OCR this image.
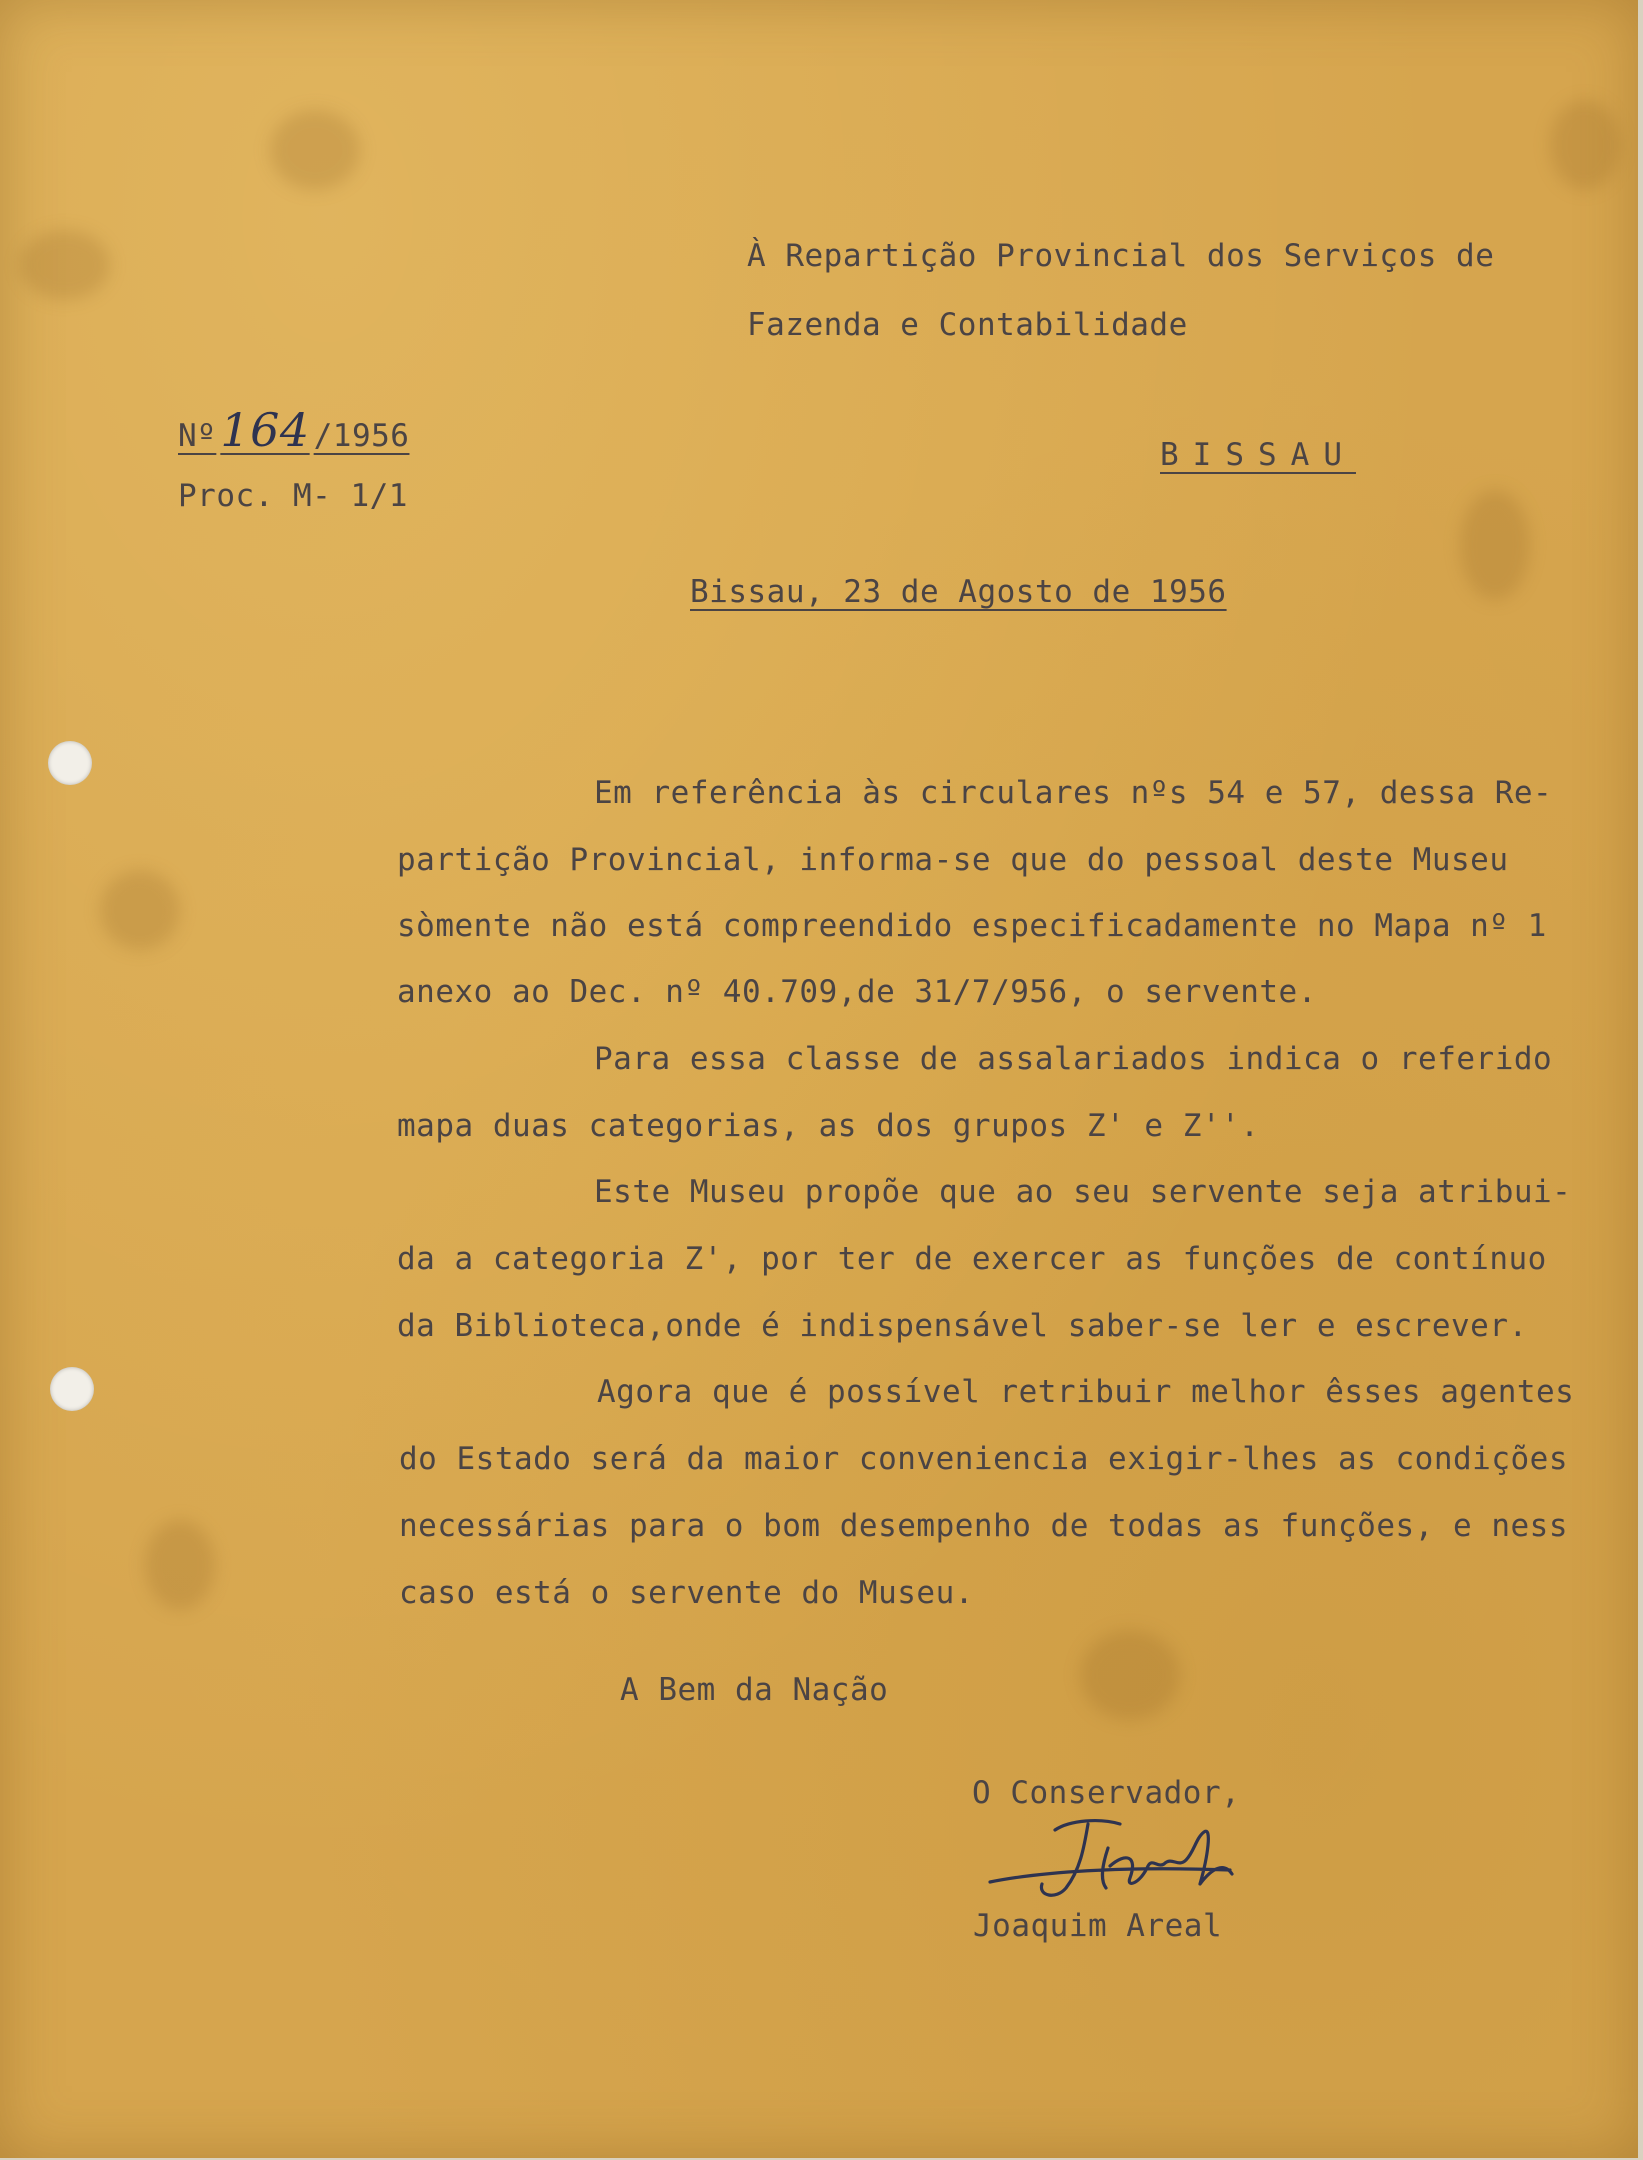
À Repartição Provincial dos Serviços de
Fazenda e Contabilidade
Nº164 /1956
Proc. M- 1/1
BISSAU
Bissau, 23 de Agosto de 1956
Em referência às circulares nºs 54 e 57, dessa Re-
partição Provincial, informa-se que do pessoal deste Museu
sòmente não está compreendido especificadamente no Mapa nº 1
anexo ao Dec. nº 40.709,de 31/7/956, o servente.
Para essa classe de assalariados indica o referido
mapa duas categorias, as dos grupos Z' e Z''.
Este Museu propõe que ao seu servente seja atribui-
da a categoria Z', por ter de exercer as funções de contínuo
da Biblioteca,onde é indispensável saber-se ler e escrever.
Agora que é possível retribuir melhor êsses agentes
do Estado será da maior conveniencia exigir-lhes as condições
necessárias para o bom desempenho de todas as funções, e ness
caso está o servente do Museu.
A Bem da Nação
O Conservador,
Joaquim Areal
